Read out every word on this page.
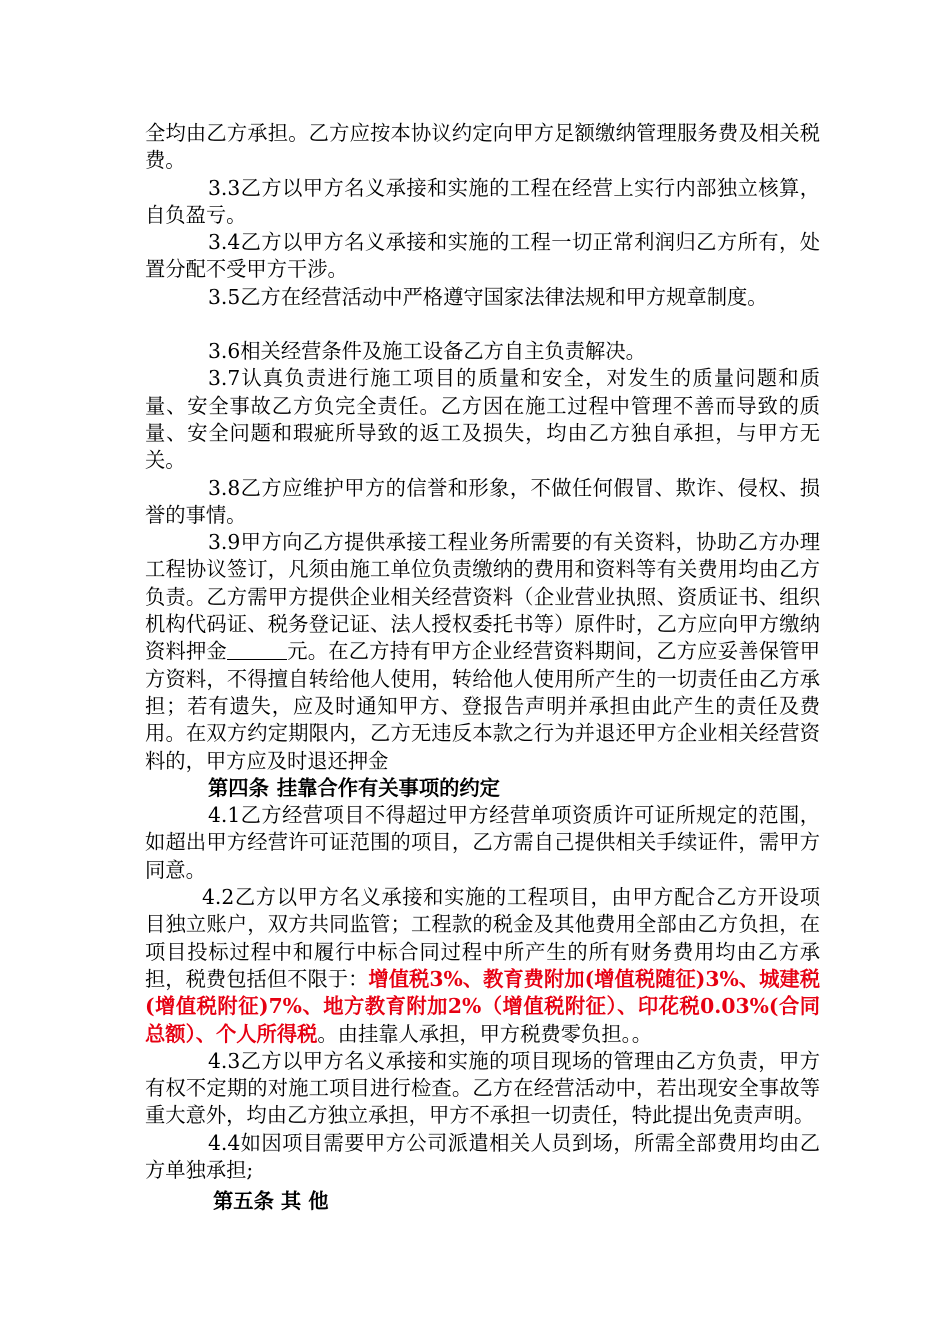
全均由乙方承担。乙方应按本协议约定向甲方足额缴纳管理服务费及相关税费。

3.3乙方以甲方名义承接和实施的工程在经营上实行内部独立核算，自负盈亏。

3.4乙方以甲方名义承接和实施的工程一切正常利润归乙方所有，处置分配不受甲方干涉。

3.5乙方在经营活动中严格遵守国家法律法规和甲方规章制度。

3.6相关经营条件及施工设备乙方自主负责解决。

3.7认真负责进行施工项目的质量和安全，对发生的质量问题和质量、安全事故乙方负完全责任。乙方因在施工过程中管理不善而导致的质量、安全问题和瑕疵所导致的返工及损失，均由乙方独自承担，与甲方无关。

3.8乙方应维护甲方的信誉和形象，不做任何假冒、欺诈、侵权、损誉的事情。

3.9甲方向乙方提供承接工程业务所需要的有关资料，协助乙方办理工程协议签订，凡须由施工单位负责缴纳的费用和资料等有关费用均由乙方负责。乙方需甲方提供企业相关经营资料（企业营业执照、资质证书、组织机构代码证、税务登记证、法人授权委托书等）原件时，乙方应向甲方缴纳资料押金	元。在乙方持有甲方企业经营资料期间，乙方应妥善保管甲方资料，不得擅自转给他人使用，转给他人使用所产生的一切责任由乙方承担；若有遗失，应及时通知甲方、登报告声明并承担由此产生的责任及费用。在双方约定期限内，乙方无违反本款之行为并退还甲方企业相关经营资料的，甲方应及时退还押金

第四条 挂靠合作有关事项的约定

4.1乙方经营项目不得超过甲方经营单项资质许可证所规定的范围，如超出甲方经营许可证范围的项目，乙方需自己提供相关手续证件，需甲方同意。

4.2乙方以甲方名义承接和实施的工程项目，由甲方配合乙方开设项目独立账户，双方共同监管；工程款的税金及其他费用全部由乙方负担，在项目投标过程中和履行中标合同过程中所产生的所有财务费用均由乙方承担，税费包括但不限于：增值税3%、教育费附加(增值税随征)3%、城建税(增值税附征)7%、地方教育附加2%（增值税附征）、印花税0.03%(合同总额）、个人所得税。由挂靠人承担，甲方税费零负担。。

4.3乙方以甲方名义承接和实施的项目现场的管理由乙方负责，甲方有权不定期的对施工项目进行检查。乙方在经营活动中，若出现安全事故等重大意外，均由乙方独立承担，甲方不承担一切责任，特此提出免责声明。

4.4如因项目需要甲方公司派遣相关人员到场，所需全部费用均由乙方单独承担;

第五条 其 他
